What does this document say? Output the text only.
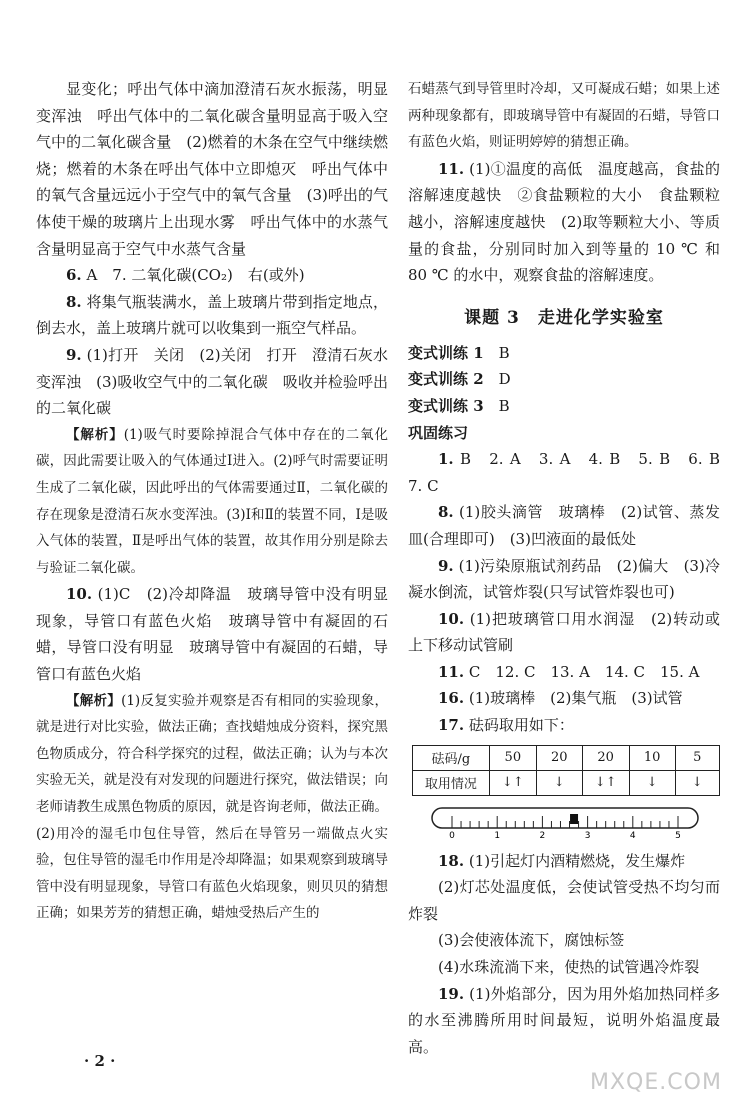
显变化；呼出气体中滴加澄清石灰水振荡，明显变浑浊　呼出气体中的二氧化碳含量明显高于吸入空气中的二氧化碳含量　(2)燃着的木条在空气中继续燃烧；燃着的木条在呼出气体中立即熄灭　呼出气体中的氧气含量远远小于空气中的氧气含量　(3)呼出的气体使干燥的玻璃片上出现水雾　呼出气体中的水蒸气含量明显高于空气中水蒸气含量

6. A　7. 二氧化碳(CO₂)　右(或外)

8. 将集气瓶装满水，盖上玻璃片带到指定地点，倒去水，盖上玻璃片就可以收集到一瓶空气样品。

9. (1)打开　关闭　(2)关闭　打开　澄清石灰水变浑浊　(3)吸收空气中的二氧化碳　吸收并检验呼出的二氧化碳

【解析】(1)吸气时要除掉混合气体中存在的二氧化碳，因此需要让吸入的气体通过Ⅰ进入。(2)呼气时需要证明生成了二氧化碳，因此呼出的气体需要通过Ⅱ，二氧化碳的存在现象是澄清石灰水变浑浊。(3)Ⅰ和Ⅱ的装置不同，Ⅰ是吸入气体的装置，Ⅱ是呼出气体的装置，故其作用分别是除去与验证二氧化碳。

10. (1)C　(2)冷却降温　玻璃导管中没有明显现象，导管口有蓝色火焰　玻璃导管中有凝固的石蜡，导管口没有明显　玻璃导管中有凝固的石蜡，导管口有蓝色火焰

【解析】(1)反复实验并观察是否有相同的实验现象，就是进行对比实验，做法正确；查找蜡烛成分资料，探究黑色物质成分，符合科学探究的过程，做法正确；认为与本次实验无关，就是没有对发现的问题进行探究，做法错误；向老师请教生成黑色物质的原因，就是咨询老师，做法正确。(2)用冷的湿毛巾包住导管，然后在导管另一端做点火实验，包住导管的湿毛巾作用是冷却降温；如果观察到玻璃导管中没有明显现象，导管口有蓝色火焰现象，则贝贝的猜想正确；如果芳芳的猜想正确，蜡烛受热后产生的

石蜡蒸气到导管里时冷却，又可凝成石蜡；如果上述两种现象都有，即玻璃导管中有凝固的石蜡，导管口有蓝色火焰，则证明婷婷的猜想正确。

11. (1)①温度的高低　温度越高，食盐的溶解速度越快　②食盐颗粒的大小　食盐颗粒越小，溶解速度越快　(2)取等颗粒大小、等质量的食盐，分别同时加入到等量的 10 ℃ 和 80 ℃ 的水中，观察食盐的溶解速度。

课题 3　走进化学实验室

变式训练 1　B

变式训练 2　D

变式训练 3　B

巩固练习

1. B　2. A　3. A　4. B　5. B　6. B　7. C

8. (1)胶头滴管　玻璃棒　(2)试管、蒸发皿(合理即可)　(3)凹液面的最低处

9. (1)污染原瓶试剂药品　(2)偏大　(3)冷凝水倒流，试管炸裂(只写试管炸裂也可)

10. (1)把玻璃管口用水润湿　(2)转动或上下移动试管刷

11. C　12. C　13. A　14. C　15. A

16. (1)玻璃棒　(2)集气瓶　(3)试管

17. 砝码取用如下：

砝码/g	50	20	20	10	5
取用情况	↓↑	↓	↓↑	↓	↓
0	1	2	3	4	5

18. (1)引起灯内酒精燃烧，发生爆炸

(2)灯芯处温度低，会使试管受热不均匀而炸裂

(3)会使液体流下，腐蚀标签

(4)水珠流淌下来，使热的试管遇冷炸裂

19. (1)外焰部分，因为用外焰加热同样多的水至沸腾所用时间最短，说明外焰温度最高。

· 2 ·
MXQE.COM
